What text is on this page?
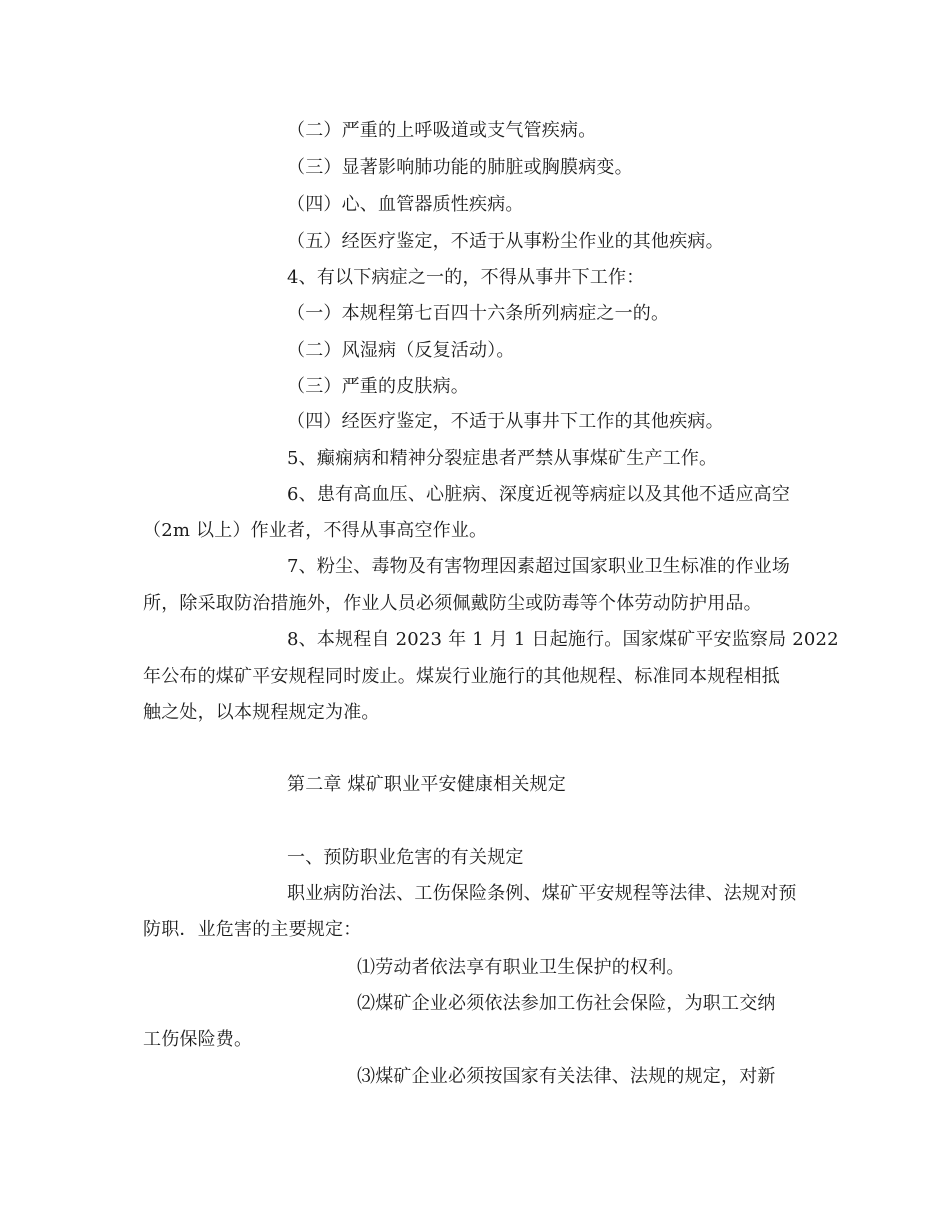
（二）严重的上呼吸道或支气管疾病。

（三）显著影响肺功能的肺脏或胸膜病变。

（四）心、血管器质性疾病。

（五）经医疗鉴定，不适于从事粉尘作业的其他疾病。

4、有以下病症之一的，不得从事井下工作：

（一）本规程第七百四十六条所列病症之一的。

（二）风湿病（反复活动）。

（三）严重的皮肤病。

（四）经医疗鉴定，不适于从事井下工作的其他疾病。

5、癫痫病和精神分裂症患者严禁从事煤矿生产工作。

6、患有高血压、心脏病、深度近视等病症以及其他不适应高空

（2m 以上）作业者，不得从事高空作业。

7、粉尘、毒物及有害物理因素超过国家职业卫生标准的作业场

所，除采取防治措施外，作业人员必须佩戴防尘或防毒等个体劳动防护用品。

8、本规程自 2023 年 1 月 1 日起施行。国家煤矿平安监察局 2022

年公布的煤矿平安规程同时废止。煤炭行业施行的其他规程、标准同本规程相抵

触之处，以本规程规定为准。

第二章 煤矿职业平安健康相关规定

一、预防职业危害的有关规定

职业病防治法、工伤保险条例、煤矿平安规程等法律、法规对预

防职．业危害的主要规定：

⑴劳动者依法享有职业卫生保护的权利。

⑵煤矿企业必须依法参加工伤社会保险，为职工交纳

工伤保险费。

⑶煤矿企业必须按国家有关法律、法规的规定，对新
